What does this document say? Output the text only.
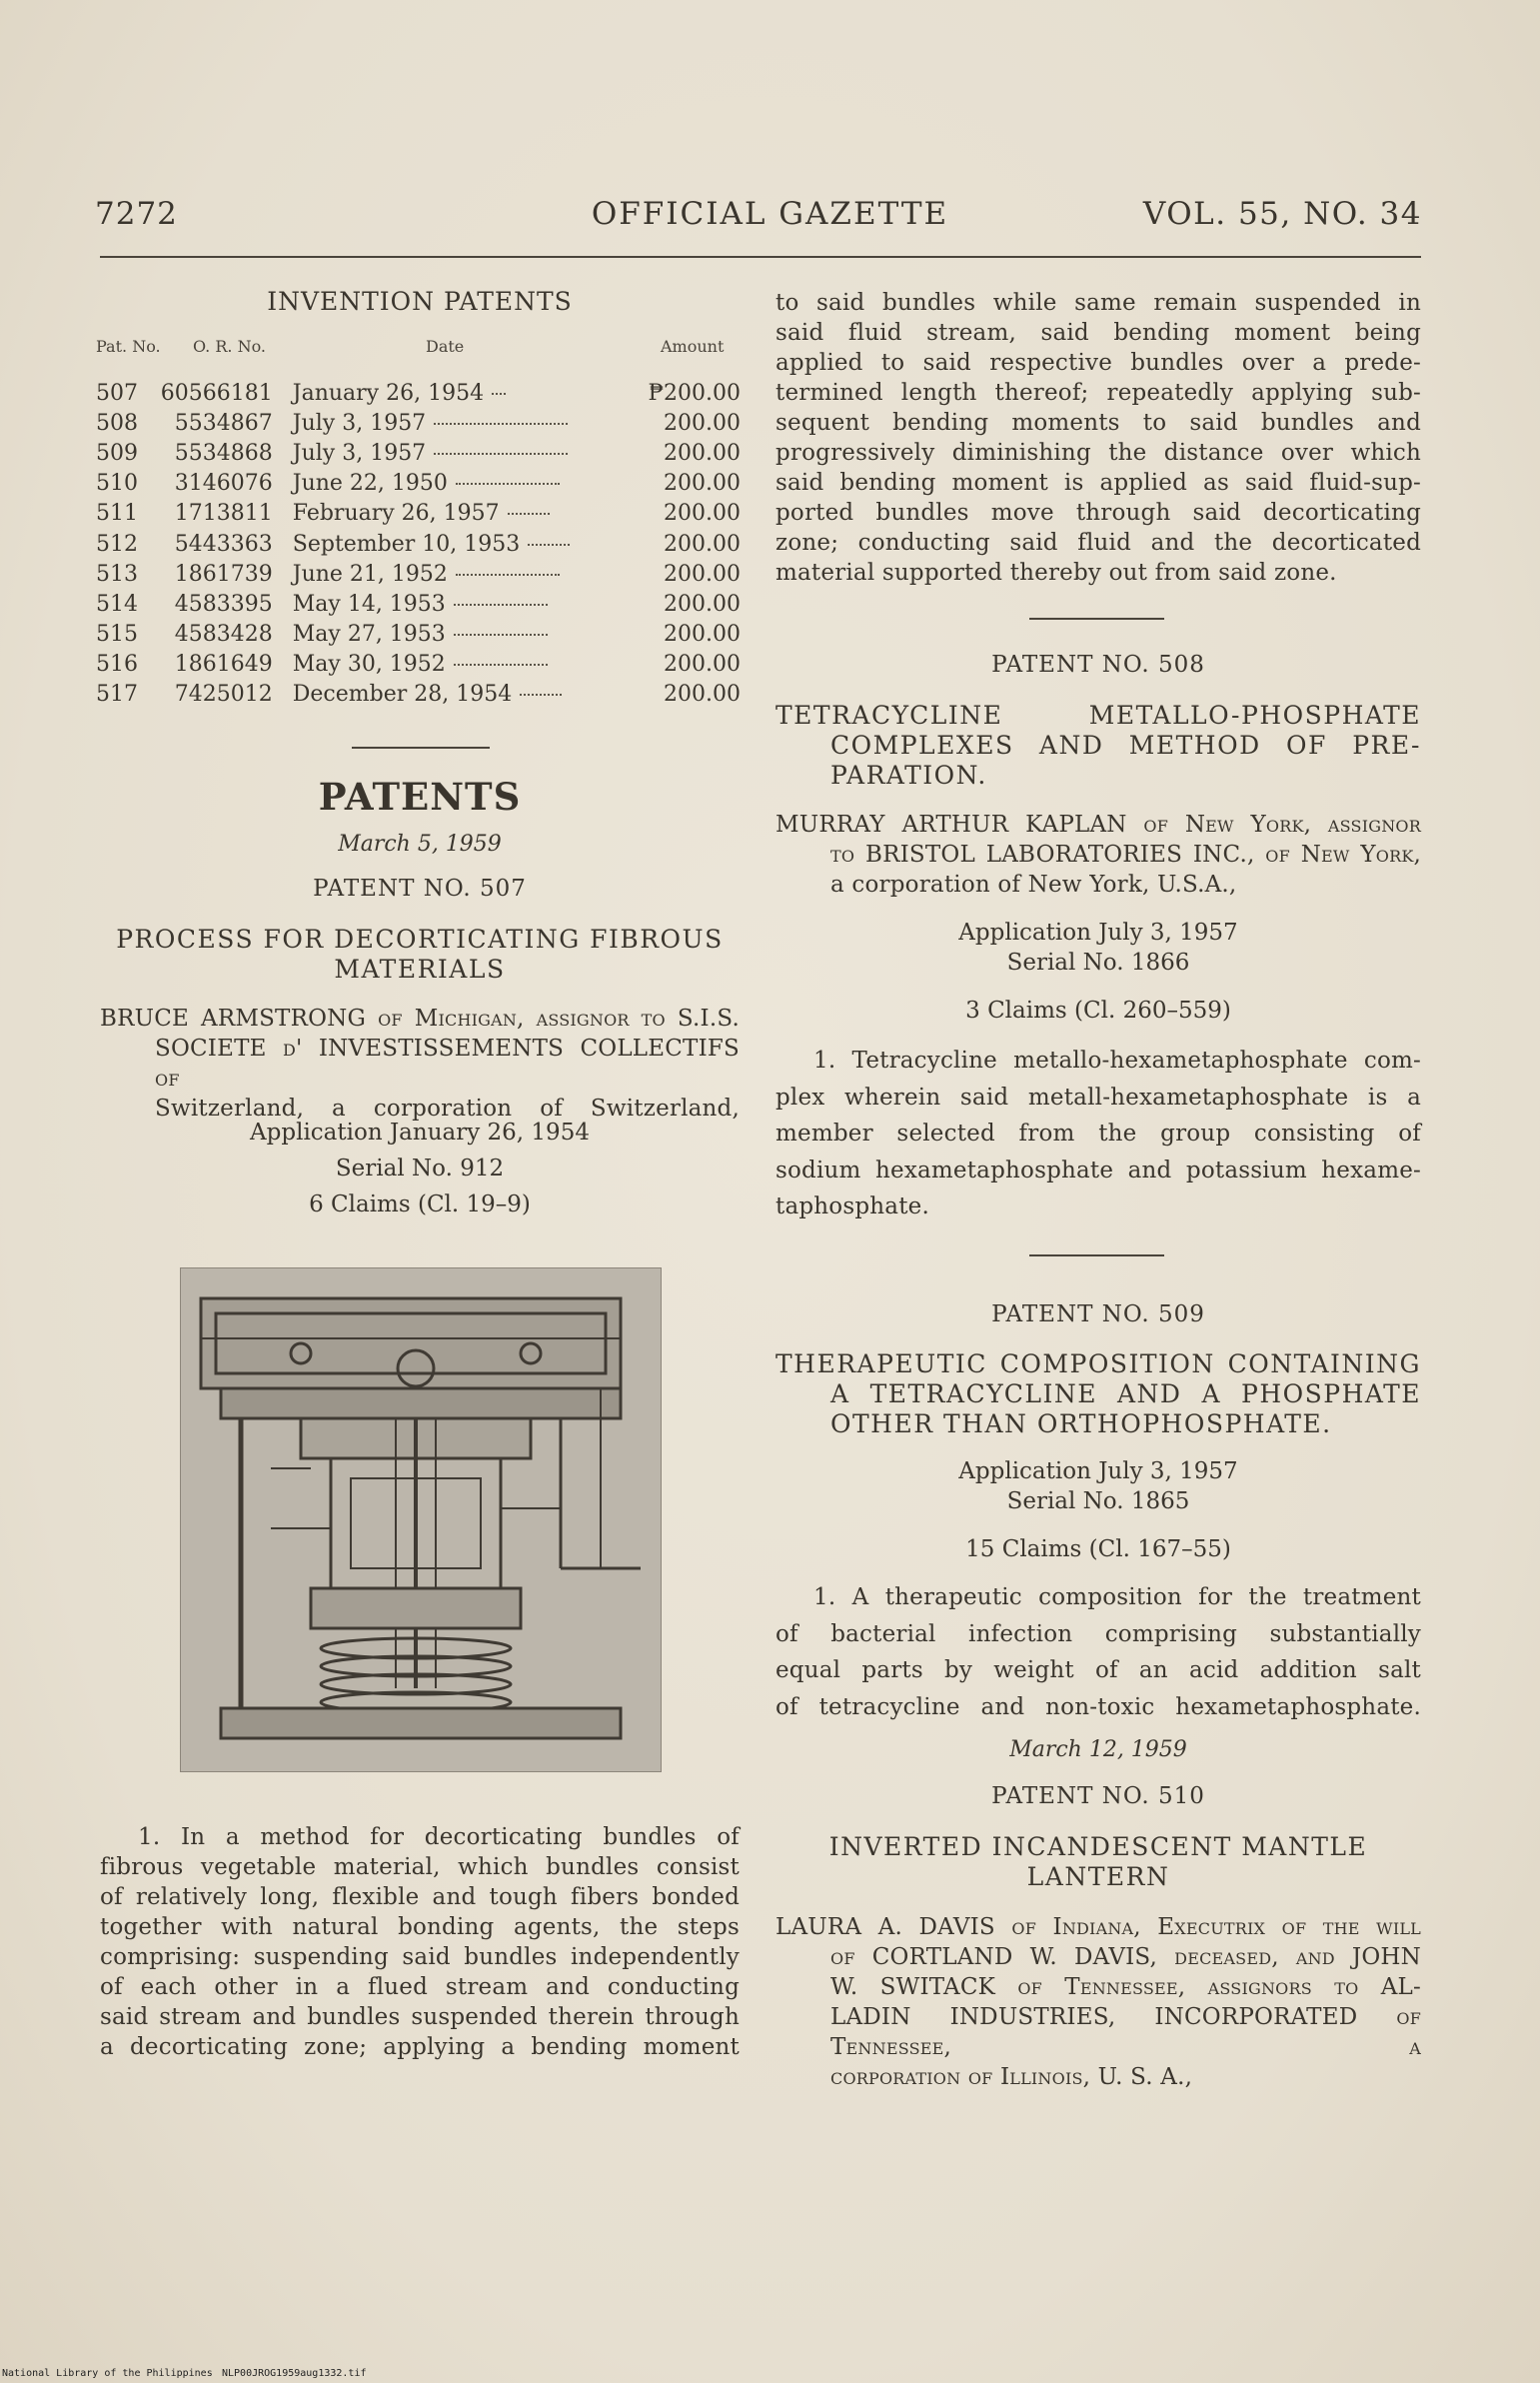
7272	OFFICIAL GAZETTE	VOL. 55, NO. 34
INVENTION PATENTS
Pat. No. O. R. No.	Date	Amount
507	60566181	January 26, 1954	₱200.00
508	5534867	July 3, 1957	200.00
509	5534868	July 3, 1957	200.00
510	3146076	June 22, 1950	200.00
511	1713811	February 26, 1957	200.00
512	5443363	September 10, 1953	200.00
513	1861739	June 21, 1952	200.00
514	4583395	May 14, 1953	200.00
515	4583428	May 27, 1953	200.00
516	1861649	May 30, 1952	200.00
517	7425012	December 28, 1954	200.00
PATENTS
March 5, 1959
PATENT NO. 507
PROCESS FOR DECORTICATING FIBROUS
MATERIALS
BRUCE ARMSTRONG of Michigan, assignor to S.I.S.
SOCIETE d' INVESTISSEMENTS COLLECTIFS of
Switzerland, a corporation of Switzerland,
Application January 26, 1954
Serial No. 912
6 Claims (Cl. 19–9)
1. In a method for decorticating bundles of
fibrous vegetable material, which bundles consist
of relatively long, flexible and tough fibers bonded
together with natural bonding agents, the steps
comprising: suspending said bundles independently
of each other in a flued stream and conducting
said stream and bundles suspended therein through
a decorticating zone; applying a bending moment
to said bundles while same remain suspended in
said fluid stream, said bending moment being
applied to said respective bundles over a prede-
termined length thereof; repeatedly applying sub-
sequent bending moments to said bundles and
progressively diminishing the distance over which
said bending moment is applied as said fluid-sup-
ported bundles move through said decorticating
zone; conducting said fluid and the decorticated
material supported thereby out from said zone.
PATENT NO. 508
TETRACYCLINE METALLO-PHOSPHATE
COMPLEXES AND METHOD OF PRE-
PARATION.
MURRAY ARTHUR KAPLAN of New York, assignor
to BRISTOL LABORATORIES INC., of New York,
a corporation of New York, U.S.A.,
Application July 3, 1957
Serial No. 1866
3 Claims (Cl. 260–559)
1. Tetracycline metallo-hexametaphosphate com-
plex wherein said metall-hexametaphosphate is a
member selected from the group consisting of
sodium hexametaphosphate and potassium hexame-
taphosphate.
PATENT NO. 509
THERAPEUTIC COMPOSITION CONTAINING
A TETRACYCLINE AND A PHOSPHATE
OTHER THAN ORTHOPHOSPHATE.
Application July 3, 1957
Serial No. 1865
15 Claims (Cl. 167–55)
1. A therapeutic composition for the treatment
of bacterial infection comprising substantially
equal parts by weight of an acid addition salt
of tetracycline and non-toxic hexametaphosphate.
March 12, 1959
PATENT NO. 510
INVERTED INCANDESCENT MANTLE
LANTERN
LAURA A. DAVIS of Indiana, Executrix of the will
of CORTLAND W. DAVIS, deceased, and JOHN
W. SWITACK of Tennessee, assignors to AL-
LADIN INDUSTRIES, INCORPORATED of Tennessee, a
corporation of Illinois, U. S. A.,
National Library of the Philippines NLP00JROG1959aug1332.tif
